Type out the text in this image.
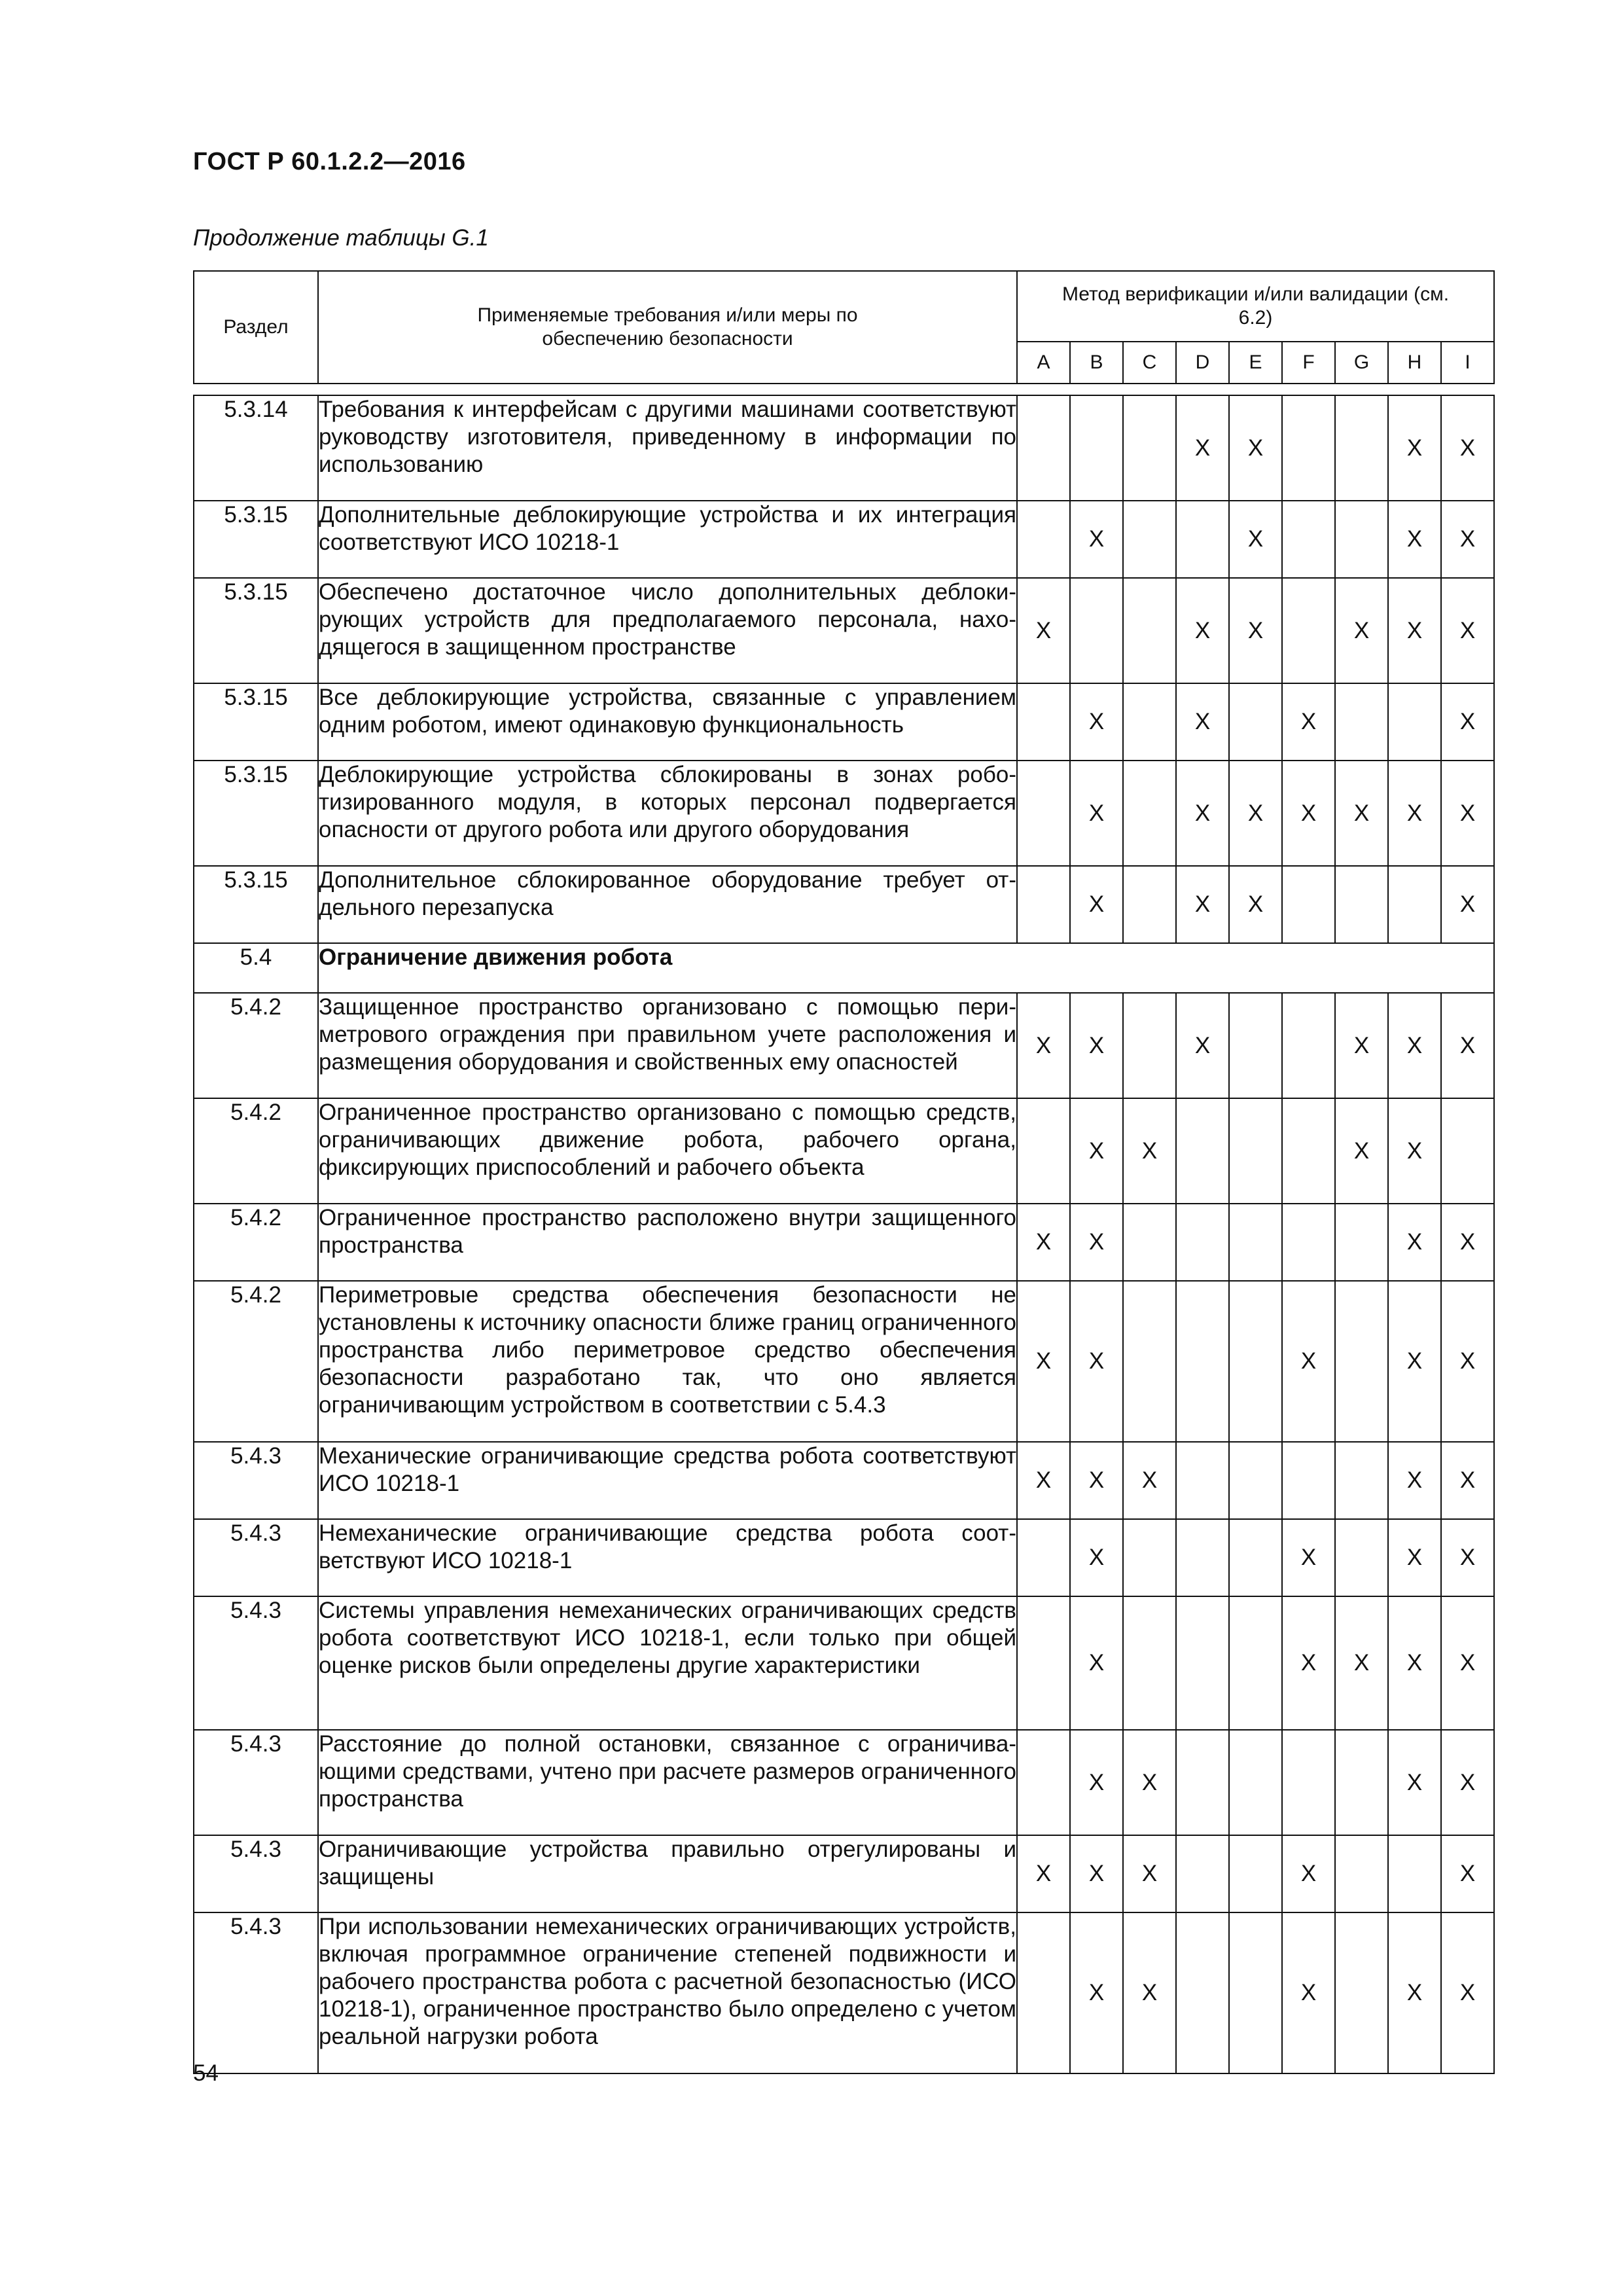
ГОСТ Р 60.1.2.2—2016
Продолжение таблицы G.1
Раздел	Применяемые требования и/или меры по обеспечению безопасности	Метод верификации и/или валидации (см. 6.2)								

		A	B	C	D	E	F	G	H	I

5.3.14	Требования к интерфейсам с другими машинами соответствуют руководству изготовителя, приведенному в информации по использованию				X	X			X	X
5.3.15	Дополнительные деблокирующие устройства и их интеграция соответствуют ИСО 10218-1		X			X			X	X
5.3.15	Обеспечено достаточное число дополнительных деблокирующих устройств для предполагаемого персонала, находящегося в защищенном пространстве	X			X	X		X	X	X
5.3.15	Все деблокирующие устройства, связанные с управлением одним роботом, имеют одинаковую функциональность		X		X		X			X
5.3.15	Деблокирующие устройства сблокированы в зонах роботизированного модуля, в которых персонал подвергается опасности от другого робота или другого оборудования		X		X	X	X	X	X	X
5.3.15	Дополнительное сблокированное оборудование требует отдельного перезапуска		X		X	X				X
5.4	Ограничение движения робота									
5.4.2	Защищенное пространство организовано с помощью периметрового ограждения при правильном учете расположения и размещения оборудования и свойственных ему опасностей	X	X		X			X	X	X
5.4.2	Ограниченное пространство организовано с помощью средств, ограничивающих движение робота, рабочего органа, фиксирующих приспособлений и рабочего объекта		X	X				X	X	
5.4.2	Ограниченное пространство расположено внутри защищенного пространства	X	X						X	X
5.4.2	Периметровые средства обеспечения безопасности не установлены к источнику опасности ближе границ ограниченного пространства либо периметровое средство обеспечения безопасности разработано так, что оно является ограничивающим устройством в соответствии с 5.4.3	X	X				X		X	X
5.4.3	Механические ограничивающие средства робота соответствуют ИСО 10218-1	X	X	X					X	X
5.4.3	Немеханические ограничивающие средства робота соответствуют ИСО 10218-1		X				X		X	X
5.4.3	Системы управления немеханических ограничивающих средств робота соответствуют ИСО 10218-1, если только при общей оценке рисков были определены другие характеристики		X				X	X	X	X
5.4.3	Расстояние до полной остановки, связанное с ограничивающими средствами, учтено при расчете размеров ограниченного пространства		X	X					X	X
5.4.3	Ограничивающие устройства правильно отрегулированы и защищены	X	X	X			X			X
5.4.3	При использовании немеханических ограничивающих устройств, включая программное ограничение степеней подвижности и рабочего пространства робота с расчетной безопасностью (ИСО 10218-1), ограниченное пространство было определено с учетом реальной нагрузки робота		X	X			X		X	X
54
